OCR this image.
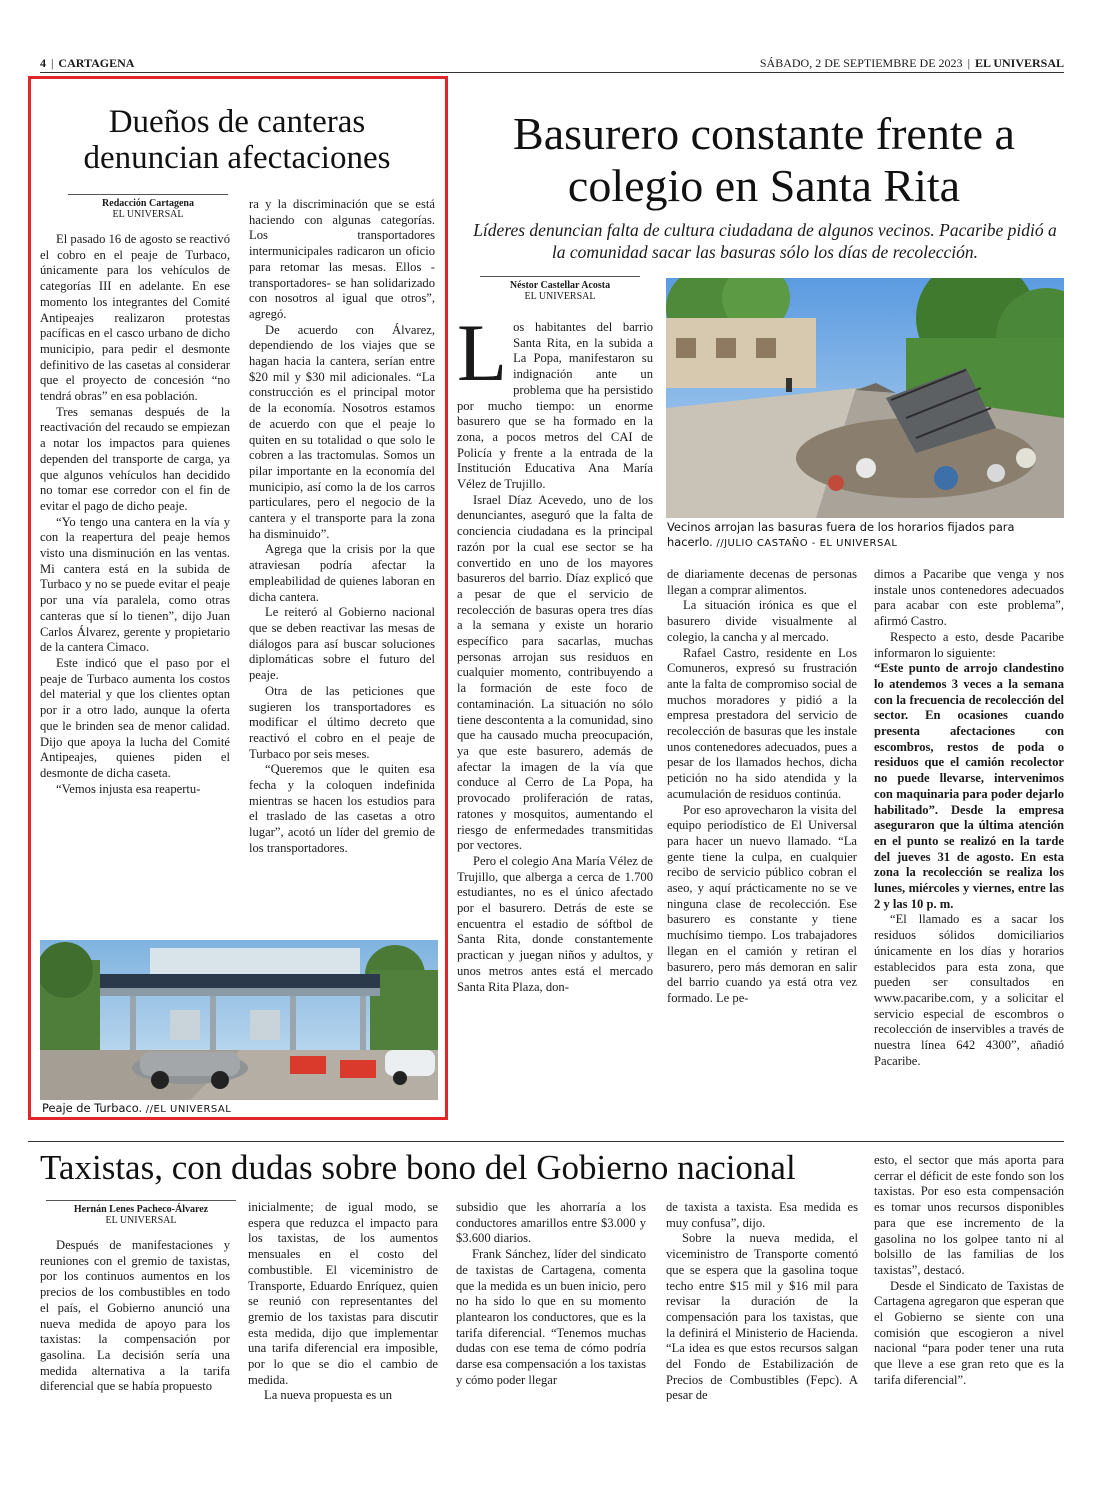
4 | CARTAGENA	SÁBADO, 2 DE SEPTIEMBRE DE 2023 | EL UNIVERSAL
Dueños de canteras denuncian afectaciones
Redacción Cartagena
EL UNIVERSAL

El pasado 16 de agosto se reactivó el cobro en el peaje de Turbaco, únicamente para los vehículos de categorías III en adelante. En ese momento los integrantes del Comité Antipeajes realizaron protestas pacíficas en el casco urbano de dicho municipio, para pedir el desmonte definitivo de las casetas al considerar que el proyecto de concesión “no tendrá obras” en esa población.

Tres semanas después de la reactivación del recaudo se empiezan a notar los impactos para quienes dependen del transporte de carga, ya que algunos vehículos han decidido no tomar ese corredor con el fin de evitar el pago de dicho peaje.

“Yo tengo una cantera en la vía y con la reapertura del peaje hemos visto una disminución en las ventas. Mi cantera está en la subida de Turbaco y no se puede evitar el peaje por una vía paralela, como otras canteras que sí lo tienen”, dijo Juan Carlos Álvarez, gerente y propietario de la cantera Cimaco.

Este indicó que el paso por el peaje de Turbaco aumenta los costos del material y que los clientes optan por ir a otro lado, aunque la oferta que le brinden sea de menor calidad. Dijo que apoya la lucha del Comité Antipeajes, quienes piden el desmonte de dicha caseta.

“Vemos injusta esa reapertu-

ra y la discriminación que se está haciendo con algunas categorías. Los transportadores intermunicipales radicaron un oficio para retomar las mesas. Ellos -transportadores- se han solidarizado con nosotros al igual que otros”, agregó.

De acuerdo con Álvarez, dependiendo de los viajes que se hagan hacia la cantera, serían entre $20 mil y $30 mil adicionales. “La construcción es el principal motor de la economía. Nosotros estamos de acuerdo con que el peaje lo quiten en su totalidad o que solo le cobren a las tractomulas. Somos un pilar importante en la economía del municipio, así como la de los carros particulares, pero el negocio de la cantera y el transporte para la zona ha disminuido”.

Agrega que la crisis por la que atraviesan podría afectar la empleabilidad de quienes laboran en dicha cantera.

Le reiteró al Gobierno nacional que se deben reactivar las mesas de diálogos para así buscar soluciones diplomáticas sobre el futuro del peaje.

Otra de las peticiones que sugieren los transportadores es modificar el último decreto que reactivó el cobro en el peaje de Turbaco por seis meses.

“Queremos que le quiten esa fecha y la coloquen indefinida mientras se hacen los estudios para el traslado de las casetas a otro lugar”, acotó un líder del gremio de los transportadores.

Peaje de Turbaco. //EL UNIVERSAL
Basurero constante frente a colegio en Santa Rita
Líderes denuncian falta de cultura ciudadana de algunos vecinos. Pacaribe pidió a la comunidad sacar las basuras sólo los días de recolección.
Néstor Castellar Acosta
EL UNIVERSAL

Los habitantes del barrio Santa Rita, en la subida a La Popa, manifestaron su indignación ante un problema que ha persistido por mucho tiempo: un enorme basurero que se ha formado en la zona, a pocos metros del CAI de Policía y frente a la entrada de la Institución Educativa Ana María Vélez de Trujillo.

Israel Díaz Acevedo, uno de los denunciantes, aseguró que la falta de conciencia ciudadana es la principal razón por la cual ese sector se ha convertido en uno de los mayores basureros del barrio. Díaz explicó que a pesar de que el servicio de recolección de basuras opera tres días a la semana y existe un horario específico para sacarlas, muchas personas arrojan sus residuos en cualquier momento, contribuyendo a la formación de este foco de contaminación. La situación no sólo tiene descontenta a la comunidad, sino que ha causado mucha preocupación, ya que este basurero, además de afectar la imagen de la vía que conduce al Cerro de La Popa, ha provocado proliferación de ratas, ratones y mosquitos, aumentando el riesgo de enfermedades transmitidas por vectores.

Pero el colegio Ana María Vélez de Trujillo, que alberga a cerca de 1.700 estudiantes, no es el único afectado por el basurero. Detrás de este se encuentra el estadio de sóftbol de Santa Rita, donde constantemente practican y juegan niños y adultos, y unos metros antes está el mercado Santa Rita Plaza, don-

Vecinos arrojan las basuras fuera de los horarios fijados para hacerlo. //JULIO CASTAÑO - EL UNIVERSAL

de diariamente decenas de personas llegan a comprar alimentos.

La situación irónica es que el basurero divide visualmente al colegio, la cancha y al mercado.

Rafael Castro, residente en Los Comuneros, expresó su frustración ante la falta de compromiso social de muchos moradores y pidió a la empresa prestadora del servicio de recolección de basuras que les instale unos contenedores adecuados, pues a pesar de los llamados hechos, dicha petición no ha sido atendida y la acumulación de residuos continúa.

Por eso aprovecharon la visita del equipo periodístico de El Universal para hacer un nuevo llamado. “La gente tiene la culpa, en cualquier recibo de servicio público cobran el aseo, y aquí prácticamente no se ve ninguna clase de recolección. Ese basurero es constante y tiene muchísimo tiempo. Los trabajadores llegan en el camión y retiran el basurero, pero más demoran en salir del barrio cuando ya está otra vez formado. Le pe-

dimos a Pacaribe que venga y nos instale unos contenedores adecuados para acabar con este problema”, afirmó Castro.

Respecto a esto, desde Pacaribe informaron lo siguiente:

“Este punto de arrojo clandestino lo atendemos 3 veces a la semana con la frecuencia de recolección del sector. En ocasiones cuando presenta afectaciones con escombros, restos de poda o residuos que el camión recolector no puede llevarse, intervenimos con maquinaria para poder dejarlo habilitado”. Desde la empresa aseguraron que la última atención en el punto se realizó en la tarde del jueves 31 de agosto. En esta zona la recolección se realiza los lunes, miércoles y viernes, entre las 2 y las 10 p. m.

“El llamado es a sacar los residuos sólidos domiciliarios únicamente en los días y horarios establecidos para esta zona, que pueden ser consultados en www.pacaribe.com, y a solicitar el servicio especial de escombros o recolección de inservibles a través de nuestra línea 642 4300”, añadió Pacaribe.

Taxistas, con dudas sobre bono del Gobierno nacional
Hernán Lenes Pacheco-Álvarez
EL UNIVERSAL

Después de manifestaciones y reuniones con el gremio de taxistas, por los continuos aumentos en los precios de los combustibles en todo el país, el Gobierno anunció una nueva medida de apoyo para los taxistas: la compensación por gasolina. La decisión sería una medida alternativa a la tarifa diferencial que se había propuesto

inicialmente; de igual modo, se espera que reduzca el impacto para los taxistas, de los aumentos mensuales en el costo del combustible. El viceministro de Transporte, Eduardo Enríquez, quien se reunió con representantes del gremio de los taxistas para discutir esta medida, dijo que implementar una tarifa diferencial era imposible, por lo que se dio el cambio de medida.

La nueva propuesta es un

subsidio que les ahorraría a los conductores amarillos entre $3.000 y $3.600 diarios.

Frank Sánchez, líder del sindicato de taxistas de Cartagena, comenta que la medida es un buen inicio, pero no ha sido lo que en su momento plantearon los conductores, que es la tarifa diferencial. “Tenemos muchas dudas con ese tema de cómo podría darse esa compensación a los taxistas y cómo poder llegar

de taxista a taxista. Esa medida es muy confusa”, dijo.

Sobre la nueva medida, el viceministro de Transporte comentó que se espera que la gasolina toque techo entre $15 mil y $16 mil para revisar la duración de la compensación para los taxistas, que la definirá el Ministerio de Hacienda. “La idea es que estos recursos salgan del Fondo de Estabilización de Precios de Combustibles (Fepc). A pesar de

esto, el sector que más aporta para cerrar el déficit de este fondo son los taxistas. Por eso esta compensación es tomar unos recursos disponibles para que ese incremento de la gasolina no los golpee tanto ni al bolsillo de las familias de los taxistas”, destacó.

Desde el Sindicato de Taxistas de Cartagena agregaron que esperan que el Gobierno se siente con una comisión que escogieron a nivel nacional “para poder tener una ruta que lleve a ese gran reto que es la tarifa diferencial”.
